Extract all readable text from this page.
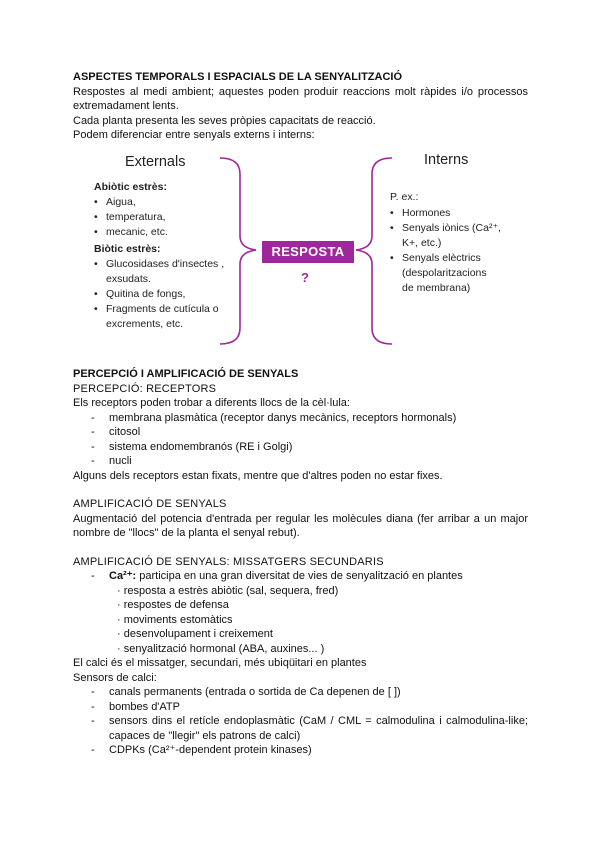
ASPECTES TEMPORALS I ESPACIALS DE LA SENYALITZACIÓ

Respostes al medi ambient; aquestes poden produir reaccions molt ràpides i/o processos extremadament lents.

Cada planta presenta les seves pròpies capacitats de reacció.

Podem diferenciar entre senyals externs i interns:

Externals	Interns
Abiòtic estrès:
• Aigua,
• temperatura,
• mecanic, etc.
Biòtic estrès:
• Glucosidases d'insectes ,
exsudats.
• Quitina de fongs,
• Fragments de cutícula o
excrements, etc.
RESPOSTA
?
P. ex.:
• Hormones
• Senyals iònics (Ca²⁺,
K+, etc.)
• Senyals elèctrics
(despolaritzacions
de membrana)
PERCEPCIÓ I AMPLIFICACIÓ DE SENYALS
PERCEPCIÓ: RECEPTORS

Els receptors poden trobar a diferents llocs de la cèl·lula:

- membrana plasmàtica (receptor danys mecànics, receptors hormonals)
- citosol
- sistema endomembranós (RE i Golgi)
- nucli

Alguns dels receptors estan fixats, mentre que d'altres poden no estar fixes.

AMPLIFICACIÓ DE SENYALS

Augmentació del potencia d'entrada per regular les molècules diana (fer arribar a un major nombre de "llocs" de la planta el senyal rebut).

AMPLIFICACIÓ DE SENYALS: MISSATGERS SECUNDARIS
- Ca²⁺: participa en una gran diversitat de vies de senyalització en plantes
· resposta a estrès abiòtic (sal, sequera, fred)
· respostes de defensa
· moviments estomàtics
· desenvolupament i creixement
· senyalització hormonal (ABA, auxines... )

El calci és el missatger, secundari, més ubiqüitari en plantes

Sensors de calci:

- canals permanents (entrada o sortida de Ca depenen de [ ])
- bombes d'ATP
- sensors dins el retícle endoplasmàtic (CaM / CML = calmodulina i calmodulina-like; capaces de "llegir" els patrons de calci)
- CDPKs (Ca²⁺-dependent protein kinases)
